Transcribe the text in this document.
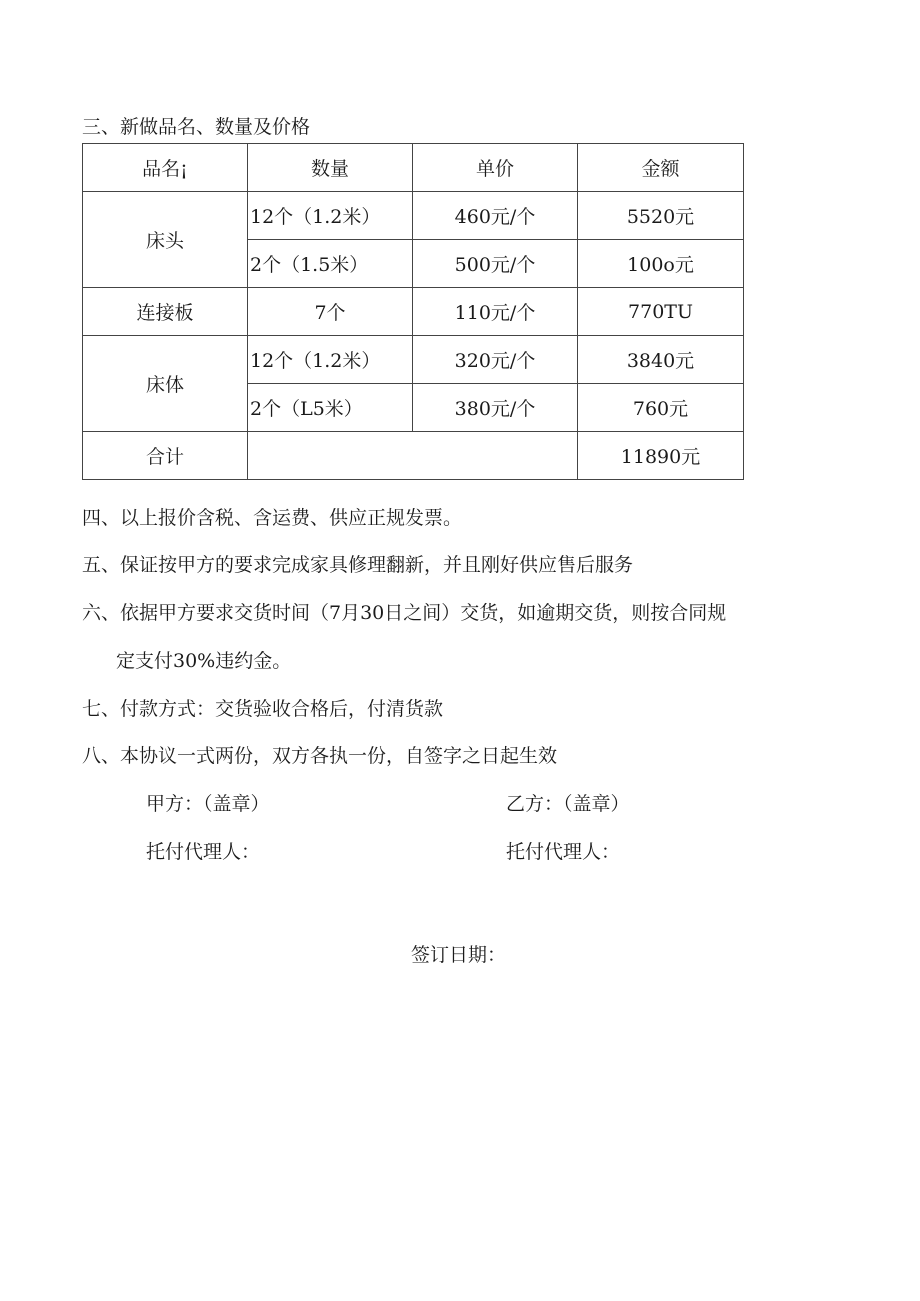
三、新做品名、数量及价格
品名¡	数量	单价	金额
床头	12个（1.2米）	460元/个	5520元
	2个（1.5米）	500元/个	100o元
连接板	7个	110元/个	770TU
床体	12个（1.2米）	320元/个	3840元
	2个（L5米）	380元/个	760元
合计			11890元
四、以上报价含税、含运费、供应正规发票。
五、保证按甲方的要求完成家具修理翻新，并且刚好供应售后服务
六、依据甲方要求交货时间（7月30日之间）交货，如逾期交货，则按合同规
定支付30%违约金。
七、付款方式：交货验收合格后，付清货款
八、本协议一式两份，双方各执一份，自签字之日起生效
甲方：（盖章）	乙方：（盖章）
托付代理人：	托付代理人：
签订日期：
